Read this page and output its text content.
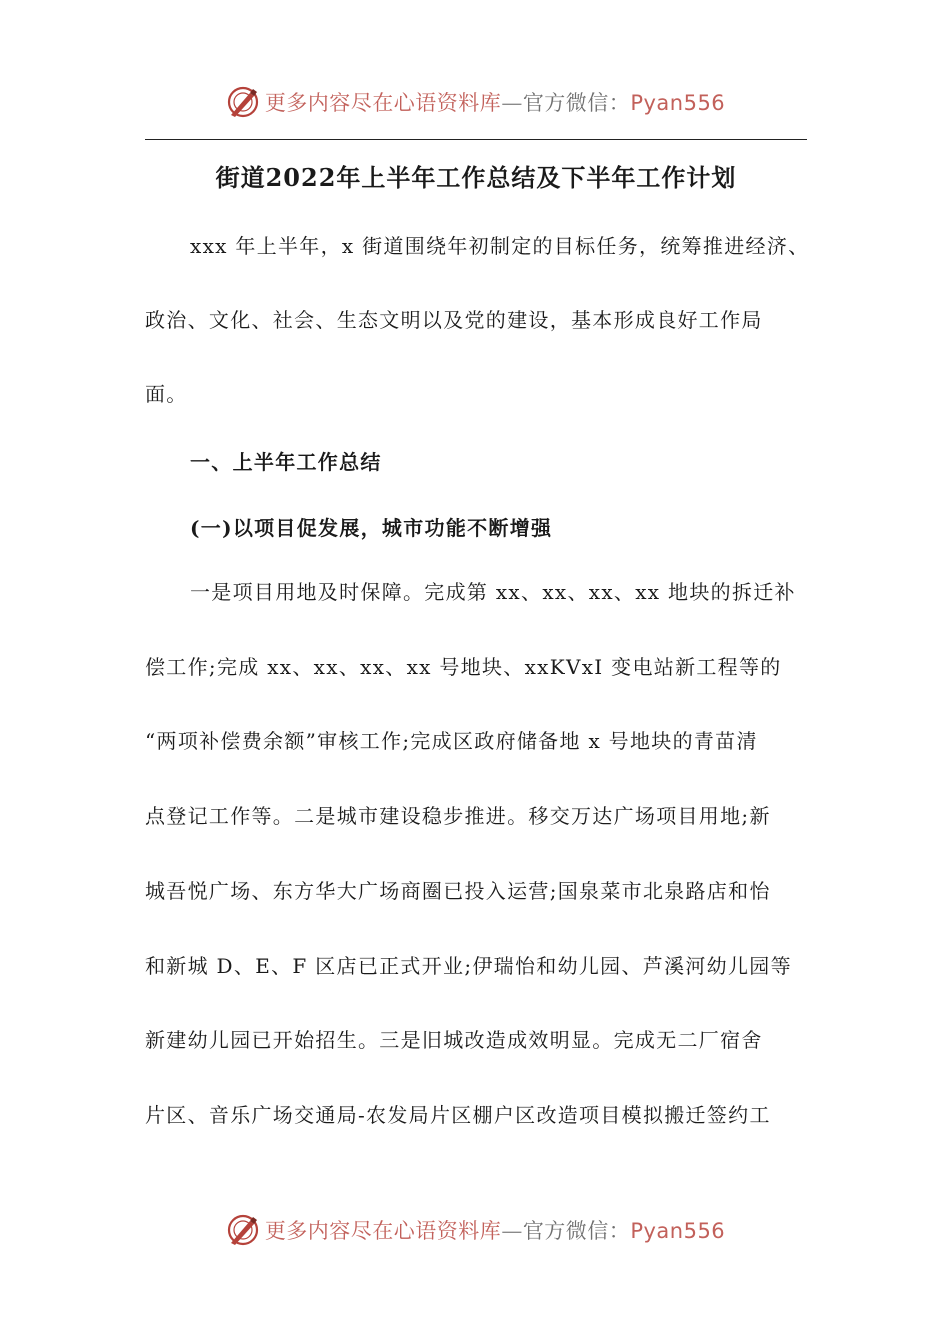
更多内容尽在心语资料库—官方微信：Pyan556
街道2022年上半年工作总结及下半年工作计划
xxx 年上半年，x 街道围绕年初制定的目标任务，统筹推进经济、
政治、文化、社会、生态文明以及党的建设，基本形成良好工作局
面。
一、上半年工作总结
(一)以项目促发展，城市功能不断增强
一是项目用地及时保障。完成第 xx、xx、xx、xx 地块的拆迁补
偿工作;完成 xx、xx、xx、xx 号地块、xxKVxI 变电站新工程等的
“两项补偿费余额”审核工作;完成区政府储备地 x 号地块的青苗清
点登记工作等。二是城市建设稳步推进。移交万达广场项目用地;新
城吾悦广场、东方华大广场商圈已投入运营;国泉菜市北泉路店和怡
和新城 D、E、F 区店已正式开业;伊瑞怡和幼儿园、芦溪河幼儿园等
新建幼儿园已开始招生。三是旧城改造成效明显。完成无二厂宿舍
片区、音乐广场交通局-农发局片区棚户区改造项目模拟搬迁签约工
更多内容尽在心语资料库—官方微信：Pyan556
